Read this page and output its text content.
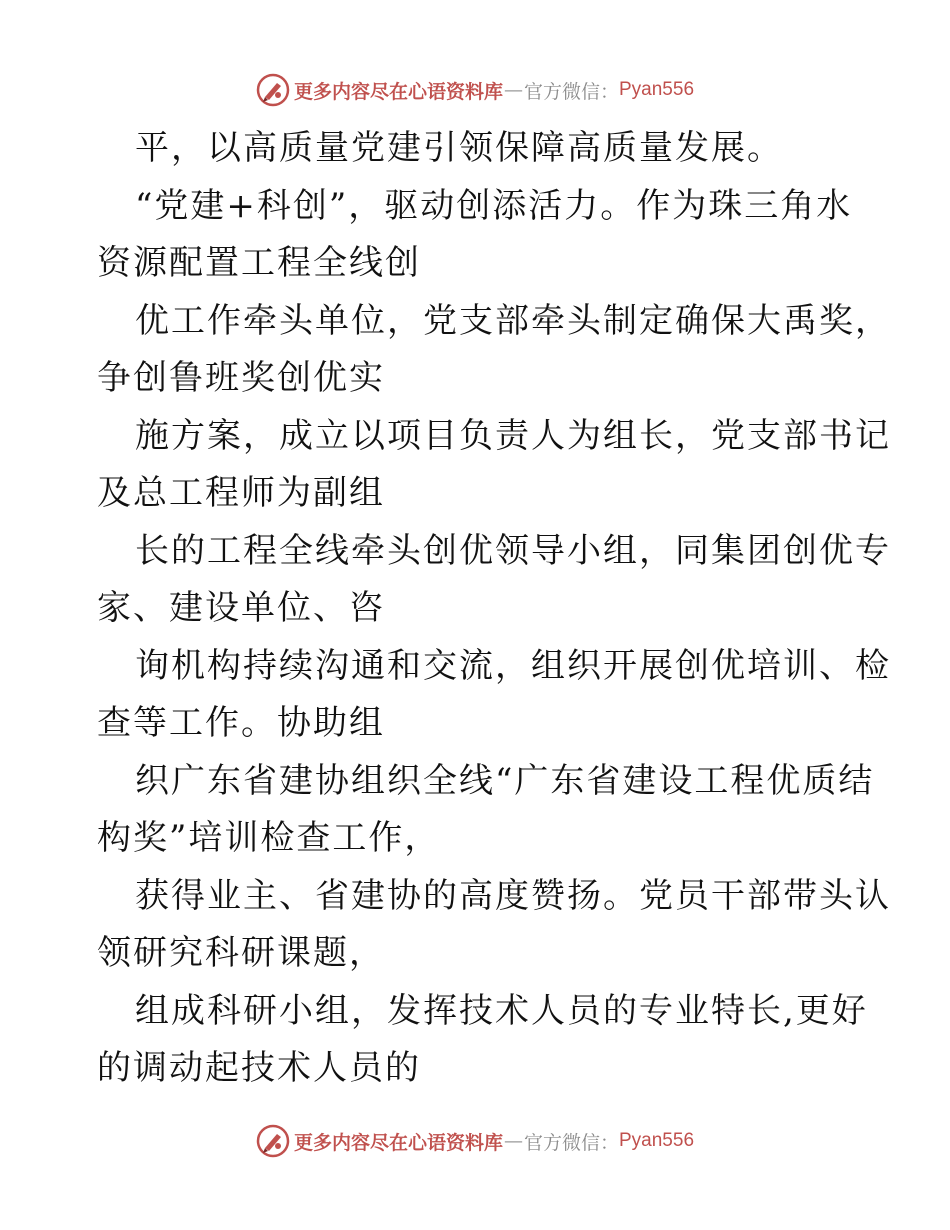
更多内容尽在心语资料库 — 官方微信： Pyan556
平，以高质量党建引领保障高质量发展。
“党建+科创”，驱动创添活力。作为珠三角水
资源配置工程全线创
优工作牵头单位，党支部牵头制定确保大禹奖，
争创鲁班奖创优实
施方案，成立以项目负责人为组长，党支部书记
及总工程师为副组
长的工程全线牵头创优领导小组，同集团创优专
家、建设单位、咨
询机构持续沟通和交流，组织开展创优培训、检
查等工作。协助组
织广东省建协组织全线“广东省建设工程优质结
构奖”培训检查工作，
获得业主、省建协的高度赞扬。党员干部带头认
领研究科研课题，
组成科研小组，发挥技术人员的专业特长,更好
的调动起技术人员的
更多内容尽在心语资料库 — 官方微信： Pyan556
